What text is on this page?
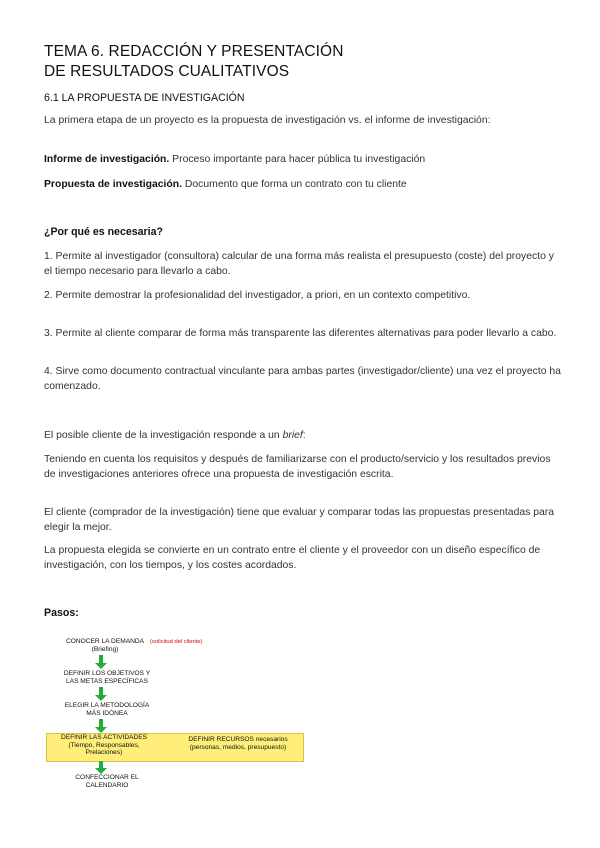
TEMA 6. REDACCIÓN Y PRESENTACIÓN
DE RESULTADOS CUALITATIVOS
6.1 LA PROPUESTA DE INVESTIGACIÓN
La primera etapa de un proyecto es la propuesta de investigación vs. el informe de investigación:
Informe de investigación. Proceso importante para hacer pública tu investigación
Propuesta de investigación. Documento que forma un contrato con tu cliente
¿Por qué es necesaria?
1. Permite al investigador (consultora) calcular de una forma más realista el presupuesto (coste) del proyecto y el tiempo necesario para llevarlo a cabo.
2. Permite demostrar la profesionalidad del investigador, a priori, en un contexto competitivo.
3. Permite al cliente comparar de forma más transparente las diferentes alternativas para poder llevarlo a cabo.
4. Sirve como documento contractual vinculante para ambas partes (investigador/cliente) una vez el proyecto ha comenzado.
El posible cliente de la investigación responde a un brief:
Teniendo en cuenta los requisitos y después de familiarizarse con el producto/servicio y los resultados previos de investigaciones anteriores ofrece una propuesta de investigación escrita.
El cliente (comprador de la investigación) tiene que evaluar y comparar todas las propuestas presentadas para elegir la mejor.
La propuesta elegida se convierte en un contrato entre el cliente y el proveedor con un diseño específico de investigación, con los tiempos, y los costes acordados.
Pasos:
CONOCER LA DEMANDA
(Briefing)
(solicitud del cliente)
DEFINIR LOS OBJETIVOS Y
LAS METAS ESPECÍFICAS
ELEGIR LA METODOLOGÍA
MÁS IDÓNEA
DEFINIR LAS ACTIVIDADES
(Tiempo, Responsables,
Prelaciones)
DEFINIR RECURSOS necesarios
(personas, medios, presupuesto)
CONFECCIONAR EL
CALENDARIO
